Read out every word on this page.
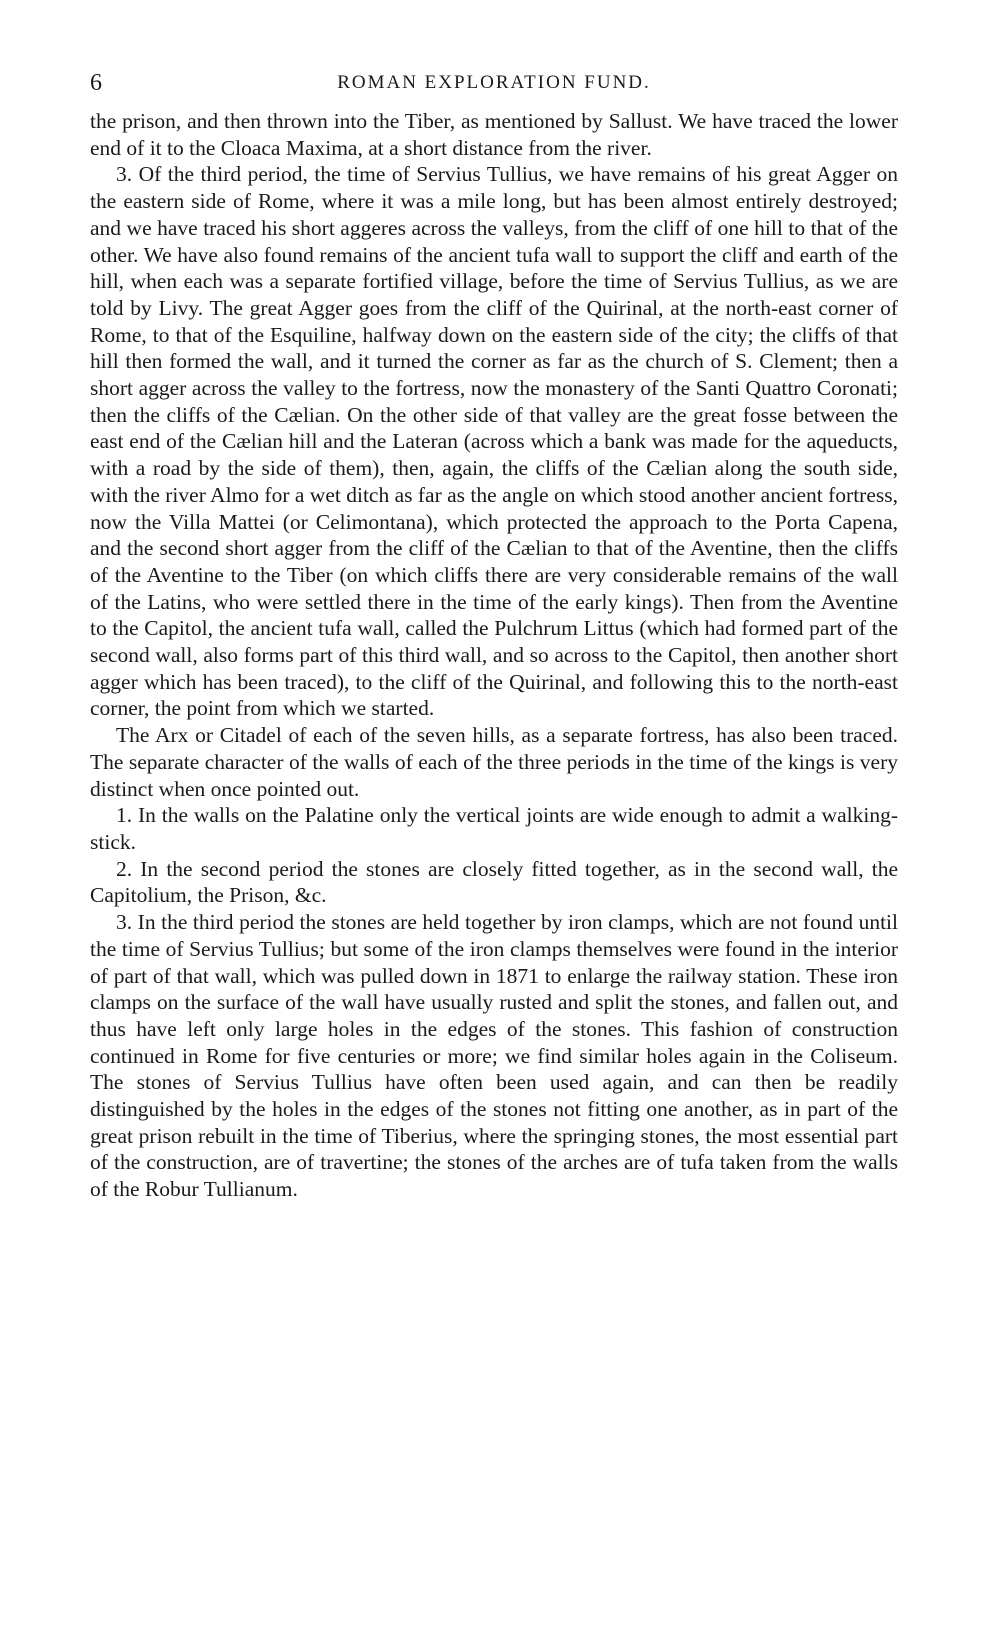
6	ROMAN EXPLORATION FUND.

the prison, and then thrown into the Tiber, as mentioned by Sallust. We have traced the lower end of it to the Cloaca Maxima, at a short distance from the river.

3. Of the third period, the time of Servius Tullius, we have remains of his great Agger on the eastern side of Rome, where it was a mile long, but has been almost entirely destroyed; and we have traced his short aggeres across the valleys, from the cliff of one hill to that of the other. We have also found remains of the ancient tufa wall to support the cliff and earth of the hill, when each was a separate fortified village, before the time of Servius Tullius, as we are told by Livy. The great Agger goes from the cliff of the Quirinal, at the north-east corner of Rome, to that of the Esquiline, halfway down on the eastern side of the city; the cliffs of that hill then formed the wall, and it turned the corner as far as the church of S. Clement; then a short agger across the valley to the fortress, now the monastery of the Santi Quattro Coronati; then the cliffs of the Cælian. On the other side of that valley are the great fosse between the east end of the Cælian hill and the Lateran (across which a bank was made for the aqueducts, with a road by the side of them), then, again, the cliffs of the Cælian along the south side, with the river Almo for a wet ditch as far as the angle on which stood another ancient fortress, now the Villa Mattei (or Celimontana), which protected the approach to the Porta Capena, and the second short agger from the cliff of the Cælian to that of the Aventine, then the cliffs of the Aventine to the Tiber (on which cliffs there are very considerable remains of the wall of the Latins, who were settled there in the time of the early kings). Then from the Aventine to the Capitol, the ancient tufa wall, called the Pulchrum Littus (which had formed part of the second wall, also forms part of this third wall, and so across to the Capitol, then another short agger which has been traced), to the cliff of the Quirinal, and following this to the north-east corner, the point from which we started.

The Arx or Citadel of each of the seven hills, as a separate fortress, has also been traced. The separate character of the walls of each of the three periods in the time of the kings is very distinct when once pointed out.

1. In the walls on the Palatine only the vertical joints are wide enough to admit a walking-stick.

2. In the second period the stones are closely fitted together, as in the second wall, the Capitolium, the Prison, &c.

3. In the third period the stones are held together by iron clamps, which are not found until the time of Servius Tullius; but some of the iron clamps themselves were found in the interior of part of that wall, which was pulled down in 1871 to enlarge the railway station. These iron clamps on the surface of the wall have usually rusted and split the stones, and fallen out, and thus have left only large holes in the edges of the stones. This fashion of construction continued in Rome for five centuries or more; we find similar holes again in the Coliseum. The stones of Servius Tullius have often been used again, and can then be readily distinguished by the holes in the edges of the stones not fitting one another, as in part of the great prison rebuilt in the time of Tiberius, where the springing stones, the most essential part of the construction, are of travertine; the stones of the arches are of tufa taken from the walls of the Robur Tullianum.
